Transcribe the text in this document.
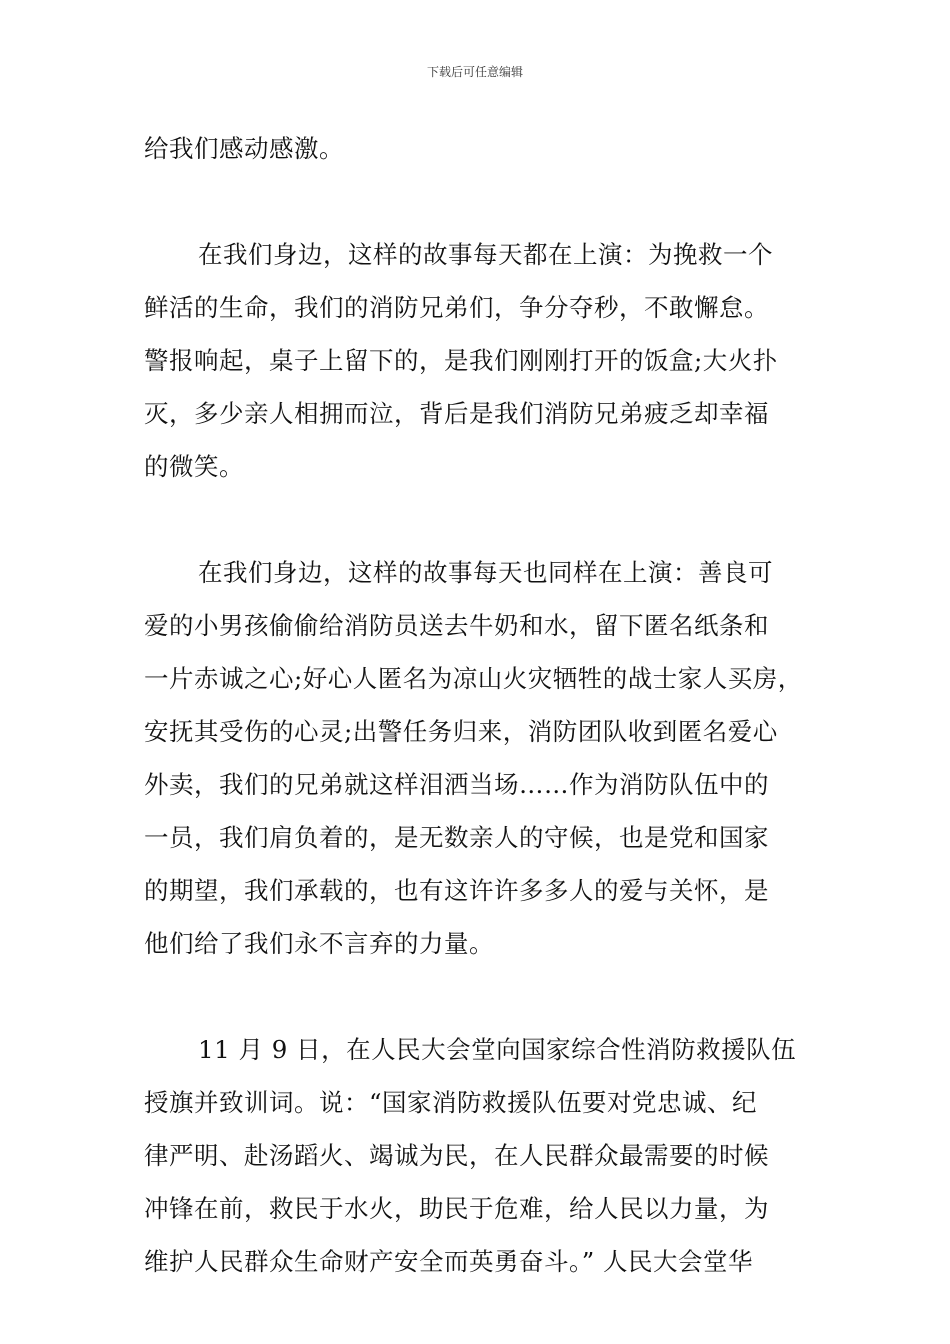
下载后可任意编辑
给我们感动感激。
在我们身边，这样的故事每天都在上演：为挽救一个
鲜活的生命，我们的消防兄弟们，争分夺秒，不敢懈怠。
警报响起，桌子上留下的，是我们刚刚打开的饭盒;大火扑
灭，多少亲人相拥而泣，背后是我们消防兄弟疲乏却幸福
的微笑。
在我们身边，这样的故事每天也同样在上演：善良可
爱的小男孩偷偷给消防员送去牛奶和水，留下匿名纸条和
一片赤诚之心;好心人匿名为凉山火灾牺牲的战士家人买房，
安抚其受伤的心灵;出警任务归来，消防团队收到匿名爱心
外卖，我们的兄弟就这样泪洒当场……作为消防队伍中的
一员，我们肩负着的，是无数亲人的守候，也是党和国家
的期望，我们承载的，也有这许许多多人的爱与关怀，是
他们给了我们永不言弃的力量。
11 月 9 日，在人民大会堂向国家综合性消防救援队伍
授旗并致训词。说：“国家消防救援队伍要对党忠诚、纪
律严明、赴汤蹈火、竭诚为民，在人民群众最需要的时候
冲锋在前，救民于水火，助民于危难，给人民以力量，为
维护人民群众生命财产安全而英勇奋斗。” 人民大会堂华
